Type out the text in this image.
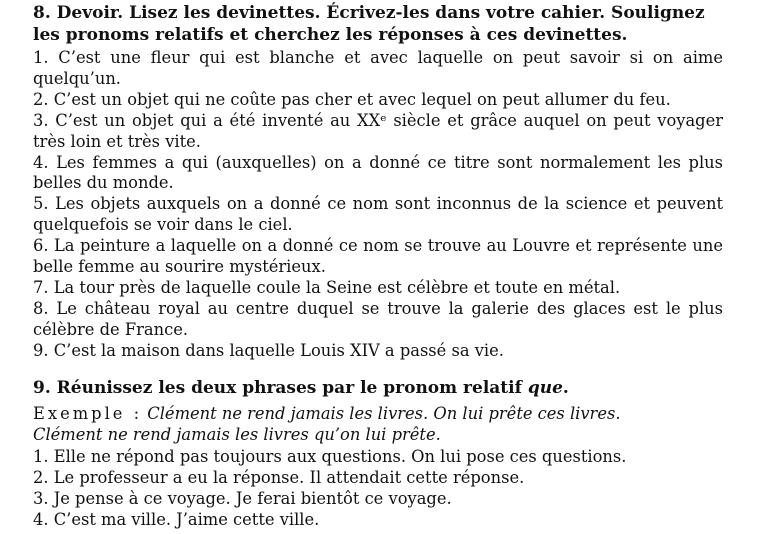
8. Devoir. Lisez les devinettes. Écrivez-les dans votre cahier. Soulignez les pronoms relatifs et cherchez les réponses à ces devinettes.

1. C’est une fleur qui est blanche et avec laquelle on peut savoir si on aime quelqu’un.

2. C’est un objet qui ne coûte pas cher et avec lequel on peut allumer du feu.

3. C’est un objet qui a été inventé au XXᵉ siècle et grâce auquel on peut voyager très loin et très vite.

4. Les femmes a qui (auxquelles) on a donné ce titre sont normalement les plus belles du monde.

5. Les objets auxquels on a donné ce nom sont inconnus de la science et peuvent quelquefois se voir dans le ciel.

6. La peinture a laquelle on a donné ce nom se trouve au Louvre et représente une belle femme au sourire mystérieux.

7. La tour près de laquelle coule la Seine est célèbre et toute en métal.

8. Le château royal au centre duquel se trouve la galerie des glaces est le plus célèbre de France.

9. C’est la maison dans laquelle Louis XIV a passé sa vie.

9. Réunissez les deux phrases par le pronom relatif que.

Exemple : Clément ne rend jamais les livres. On lui prête ces livres.

Clément ne rend jamais les livres qu’on lui prête.

1. Elle ne répond pas toujours aux questions. On lui pose ces questions.

2. Le professeur a eu la réponse. Il attendait cette réponse.

3. Je pense à ce voyage. Je ferai bientôt ce voyage.

4. C’est ma ville. J’aime cette ville.
